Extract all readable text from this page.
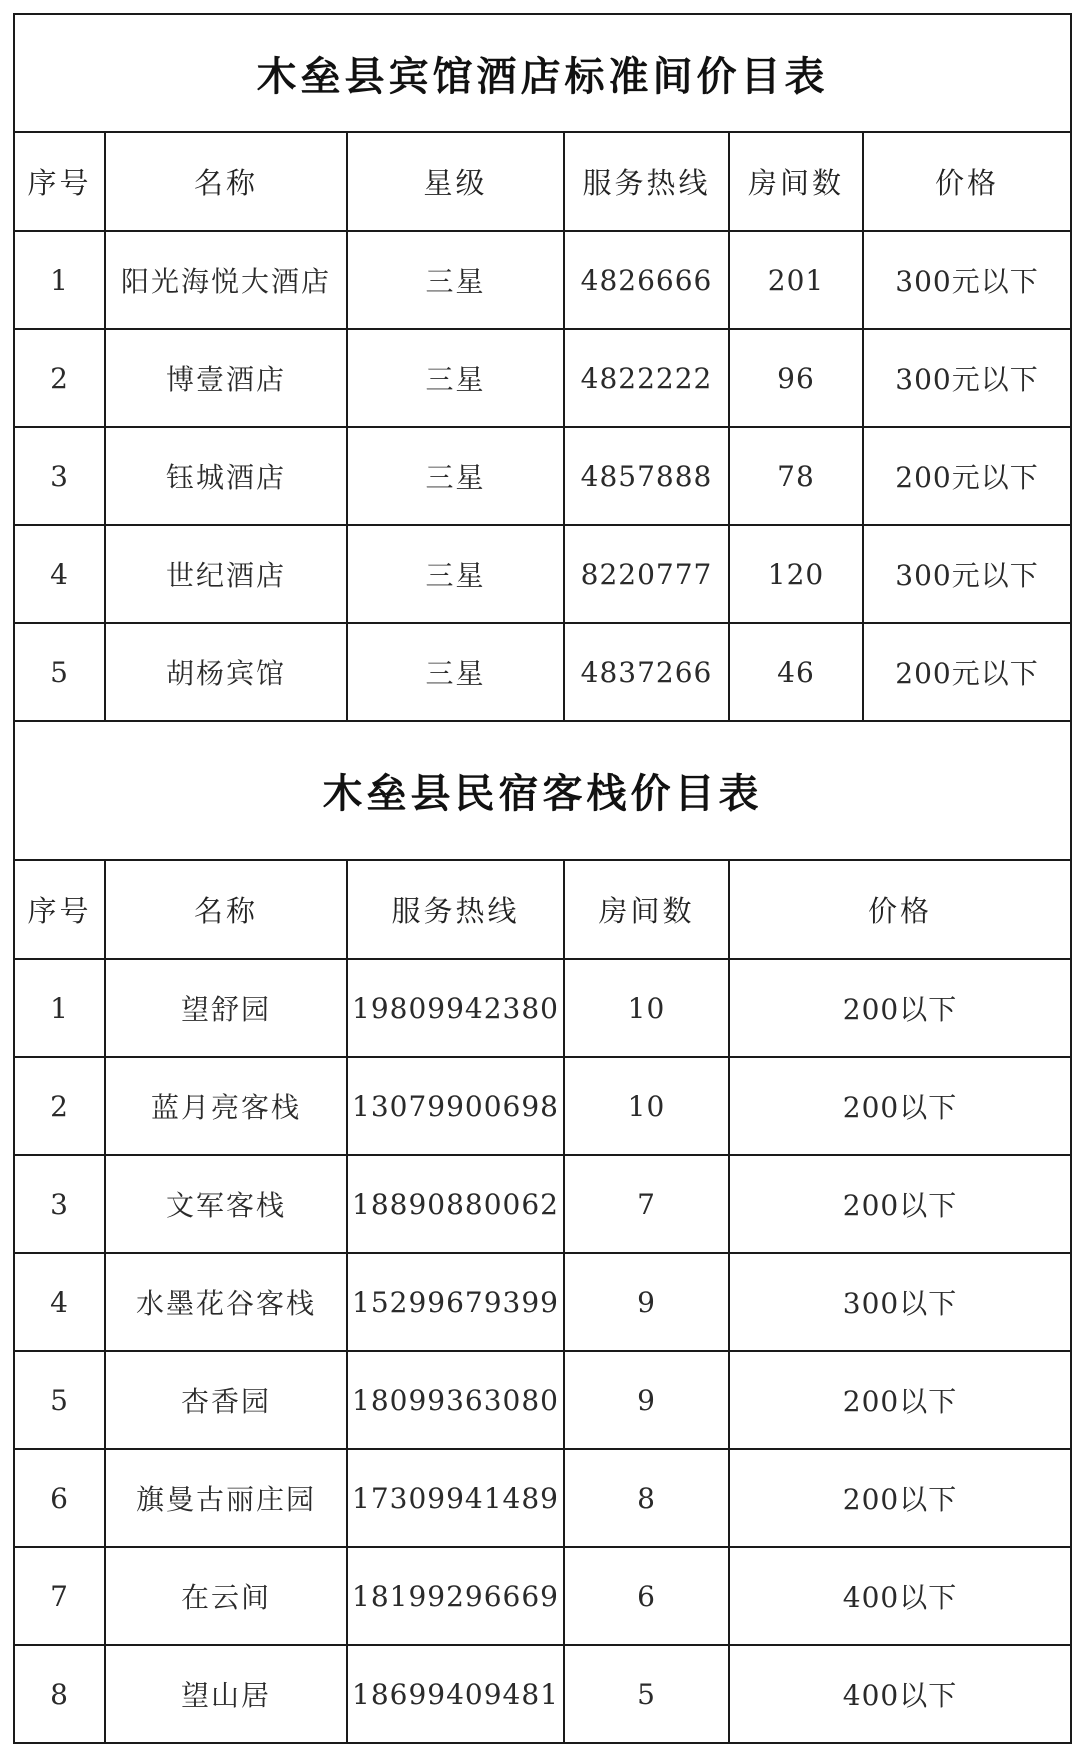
木垒县宾馆酒店标准间价目表					
序号	名称	星级	服务热线	房间数	价格
1	阳光海悦大酒店	三星	4826666	201	300元以下
2	博壹酒店	三星	4822222	96	300元以下
3	钰城酒店	三星	4857888	78	200元以下
4	世纪酒店	三星	8220777	120	300元以下
5	胡杨宾馆	三星	4837266	46	200元以下
木垒县民宿客栈价目表				
序号	名称	服务热线	房间数	价格
1	望舒园	19809942380	10	200以下
2	蓝月亮客栈	13079900698	10	200以下
3	文军客栈	18890880062	7	200以下
4	水墨花谷客栈	15299679399	9	300以下
5	杏香园	18099363080	9	200以下
6	旗曼古丽庄园	17309941489	8	200以下
7	在云间	18199296669	6	400以下
8	望山居	18699409481	5	400以下
